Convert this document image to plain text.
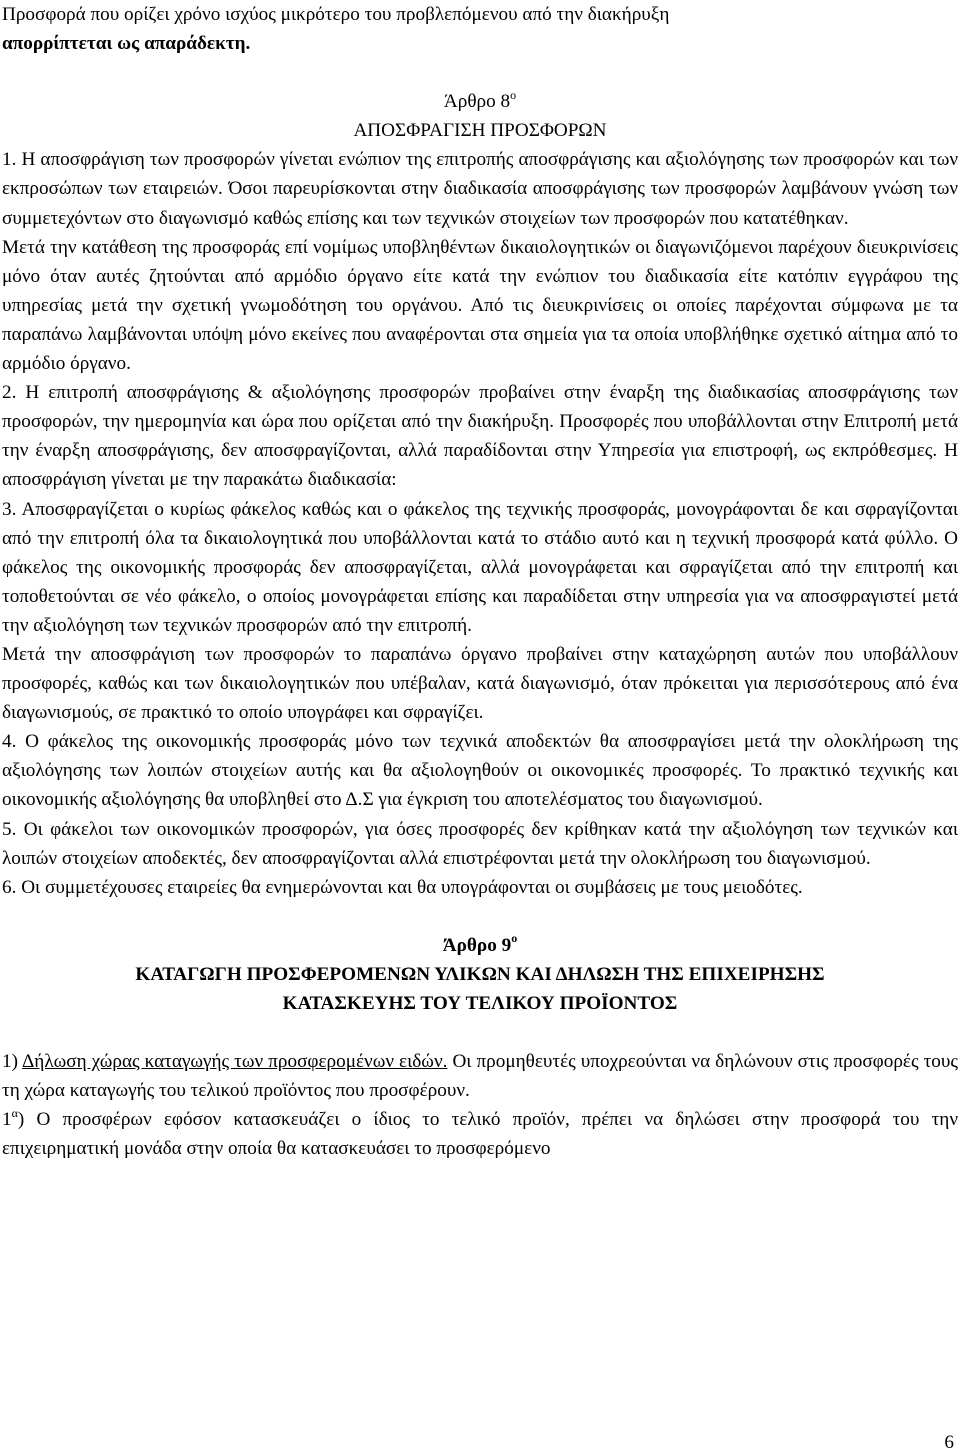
Προσφορά που ορίζει χρόνο ισχύος μικρότερο του προβλεπόμενου από την διακήρυξη
απορρίπτεται ως απαράδεκτη.

Άρθρο $8^o$

ΑΠΟΣΦΡΑΓΙΣΗ ΠΡΟΣΦΟΡΩΝ

1. Η αποσφράγιση των προσφορών γίνεται ενώπιον της επιτροπής αποσφράγισης και αξιολόγησης των προσφορών και των εκπροσώπων των εταιρειών. Όσοι παρευρίσκονται στην διαδικασία αποσφράγισης των προσφορών λαμβάνουν γνώση των συμμετεχόντων στο διαγωνισμό καθώς επίσης και των τεχνικών στοιχείων των προσφορών που κατατέθηκαν.

Μετά την κατάθεση της προσφοράς επί νομίμως υποβληθέντων δικαιολογητικών οι διαγωνιζόμενοι παρέχουν διευκρινίσεις μόνο όταν αυτές ζητούνται από αρμόδιο όργανο είτε κατά την ενώπιον του διαδικασία είτε κατόπιν εγγράφου της υπηρεσίας μετά την σχετική γνωμοδότηση του οργάνου. Από τις διευκρινίσεις οι οποίες παρέχονται σύμφωνα με τα παραπάνω λαμβάνονται υπόψη μόνο εκείνες που αναφέρονται στα σημεία για τα οποία υποβλήθηκε σχετικό αίτημα από το αρμόδιο όργανο.

2. Η επιτροπή αποσφράγισης & αξιολόγησης προσφορών προβαίνει στην έναρξη της διαδικασίας αποσφράγισης των προσφορών, την ημερομηνία και ώρα που ορίζεται από την διακήρυξη. Προσφορές που υποβάλλονται στην Επιτροπή μετά την έναρξη αποσφράγισης, δεν αποσφραγίζονται, αλλά παραδίδονται στην Υπηρεσία για επιστροφή, ως εκπρόθεσμες. Η αποσφράγιση γίνεται με την παρακάτω διαδικασία:

3. Αποσφραγίζεται ο κυρίως φάκελος καθώς και ο φάκελος της τεχνικής προσφοράς, μονογράφονται δε και σφραγίζονται από την επιτροπή όλα τα δικαιολογητικά που υποβάλλονται κατά το στάδιο αυτό και η τεχνική προσφορά κατά φύλλο. Ο φάκελος της οικονομικής προσφοράς δεν αποσφραγίζεται, αλλά μονογράφεται και σφραγίζεται από την επιτροπή και τοποθετούνται σε νέο φάκελο, ο οποίος μονογράφεται επίσης και παραδίδεται στην υπηρεσία για να αποσφραγιστεί μετά την αξιολόγηση των τεχνικών προσφορών από την επιτροπή.

Μετά την αποσφράγιση των προσφορών το παραπάνω όργανο προβαίνει στην καταχώρηση αυτών που υποβάλλουν προσφορές, καθώς και των δικαιολογητικών που υπέβαλαν, κατά διαγωνισμό, όταν πρόκειται για περισσότερους από ένα διαγωνισμούς, σε πρακτικό το οποίο υπογράφει και σφραγίζει.

4. Ο φάκελος της οικονομικής προσφοράς μόνο των τεχνικά αποδεκτών θα αποσφραγίσει μετά την ολοκλήρωση της αξιολόγησης των λοιπών στοιχείων αυτής και θα αξιολογηθούν οι οικονομικές προσφορές. Το πρακτικό τεχνικής και οικονομικής αξιολόγησης θα υποβληθεί στο Δ.Σ για έγκριση του αποτελέσματος του διαγωνισμού.

5. Οι φάκελοι των οικονομικών προσφορών, για όσες προσφορές δεν κρίθηκαν κατά την αξιολόγηση των τεχνικών και λοιπών στοιχείων αποδεκτές, δεν αποσφραγίζονται αλλά επιστρέφονται μετά την ολοκλήρωση του διαγωνισμού.

6. Οι συμμετέχουσες εταιρείες θα ενημερώνονται και θα υπογράφονται οι συμβάσεις με τους μειοδότες.

Άρθρο $9^o$

ΚΑΤΑΓΩΓΗ ΠΡΟΣΦΕΡΟΜΕΝΩΝ ΥΛΙΚΩΝ ΚΑΙ ΔΗΛΩΣΗ ΤΗΣ ΕΠΙΧΕΙΡΗΣΗΣ

ΚΑΤΑΣΚΕΥΗΣ ΤΟΥ ΤΕΛΙΚΟΥ ΠΡΟΪΟΝΤΟΣ

1) Δήλωση χώρας καταγωγής των προσφερομένων ειδών. Οι προμηθευτές υποχρεούνται να δηλώνουν στις προσφορές τους τη χώρα καταγωγής του τελικού προϊόντος που προσφέρουν.

$1^\alpha$) Ο προσφέρων εφόσον κατασκευάζει ο ίδιος το τελικό προϊόν, πρέπει να δηλώσει στην προσφορά του την επιχειρηματική μονάδα στην οποία θα κατασκευάσει το προσφερόμενο

6
